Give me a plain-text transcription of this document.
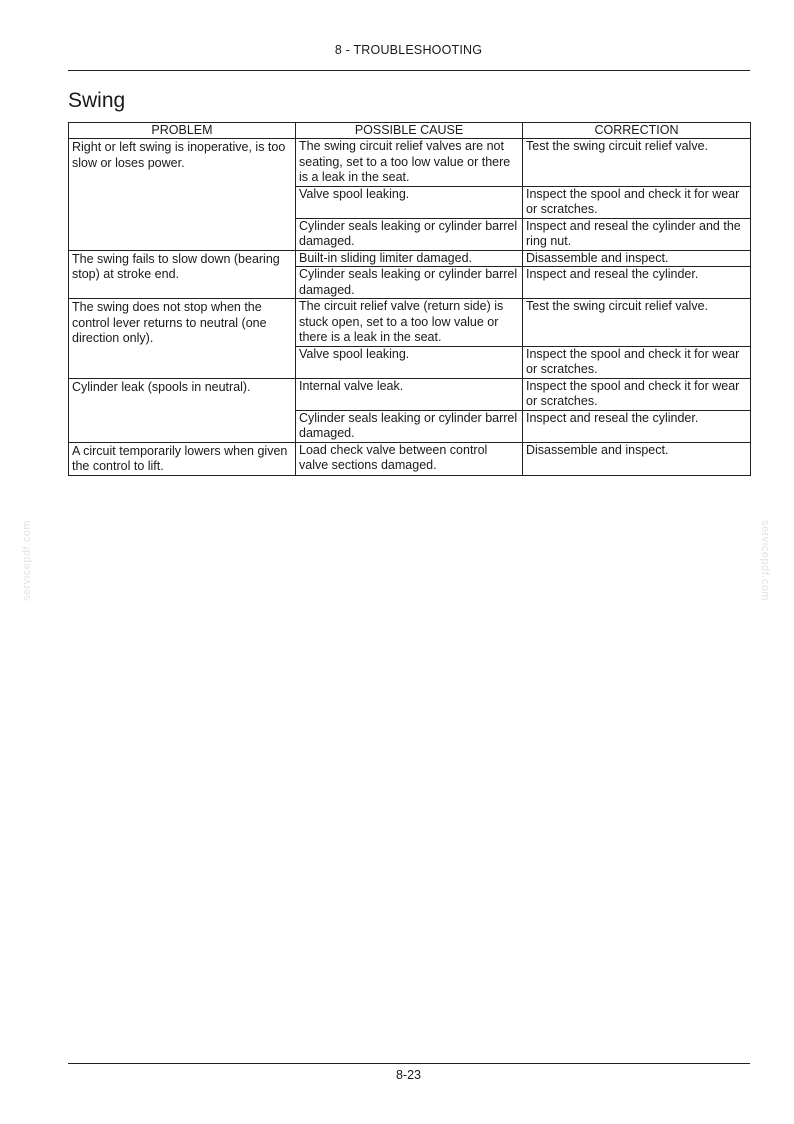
8 - TROUBLESHOOTING
Swing
PROBLEM	POSSIBLE CAUSE	CORRECTION
Right or left swing is inoperative, is too slow or loses power.	The swing circuit relief valves are not seating, set to a too low value or there is a leak in the seat.	Test the swing circuit relief valve.
	Valve spool leaking.	Inspect the spool and check it for wear or scratches.
	Cylinder seals leaking or cylinder barrel damaged.	Inspect and reseal the cylinder and the ring nut.
The swing fails to slow down (bearing stop) at stroke end.	Built-in sliding limiter damaged.	Disassemble and inspect.
	Cylinder seals leaking or cylinder barrel damaged.	Inspect and reseal the cylinder.
The swing does not stop when the control lever returns to neutral (one direction only).	The circuit relief valve (return side) is stuck open, set to a too low value or there is a leak in the seat.	Test the swing circuit relief valve.
	Valve spool leaking.	Inspect the spool and check it for wear or scratches.
Cylinder leak (spools in neutral).	Internal valve leak.	Inspect the spool and check it for wear or scratches.
	Cylinder seals leaking or cylinder barrel damaged.	Inspect and reseal the cylinder.
A circuit temporarily lowers when given the control to lift.	Load check valve between control valve sections damaged.	Disassemble and inspect.
servicepdf.com	servicepdf.com
8-23
